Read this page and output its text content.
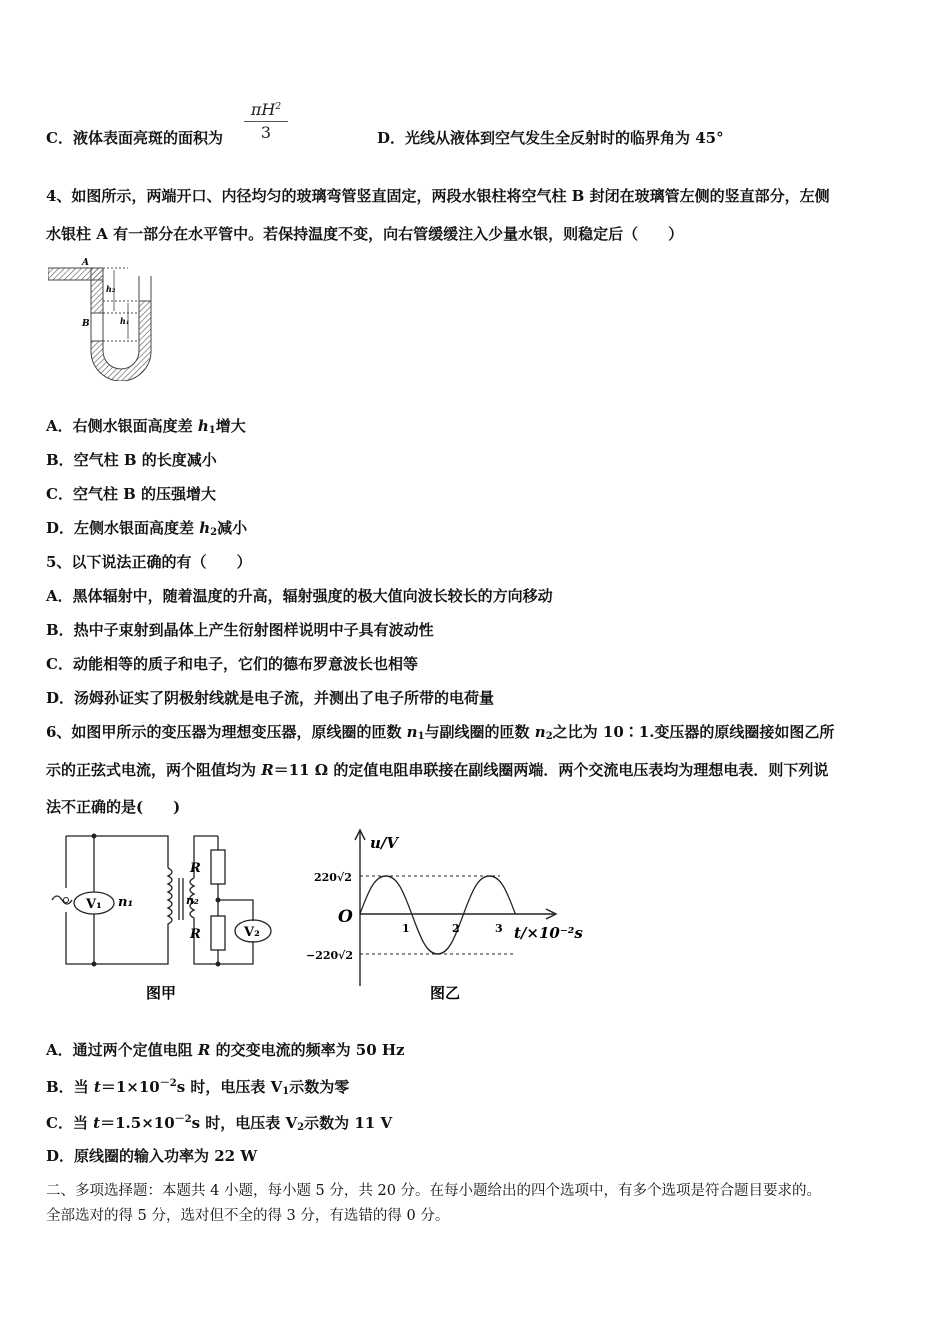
C．液体表面亮斑的面积为 $\frac{\pi H^2}{3}$	D．光线从液体到空气发生全反射时的临界角为 45°
4、如图所示，两端开口、内径均匀的玻璃弯管竖直固定，两段水银柱将空气柱 B 封闭在玻璃管左侧的竖直部分，左侧
水银柱 A 有一部分在水平管中。若保持温度不变，向右管缓缓注入少量水银，则稳定后（　　）
A
B
h₂
h₁
A．右侧水银面高度差 $h_1$增大
B．空气柱 B 的长度减小
C．空气柱 B 的压强增大
D．左侧水银面高度差 $h_2$减小
5、以下说法正确的有（　　）
A．黑体辐射中，随着温度的升高，辐射强度的极大值向波长较长的方向移动
B．热中子束射到晶体上产生衍射图样说明中子具有波动性
C．动能相等的质子和电子，它们的德布罗意波长也相等
D．汤姆孙证实了阴极射线就是电子流，并测出了电子所带的电荷量
6、如图甲所示的变压器为理想变压器，原线圈的匝数 $n_1$与副线圈的匝数 $n_2$之比为 10∶1.变压器的原线圈接如图乙所
示的正弦式电流，两个阻值均为 R＝11 Ω 的定值电阻串联接在副线圈两端．两个交流电压表均为理想电表．则下列说
法不正确的是(　　)
V₁ n₁	n₂
R
R	V₂
图甲
u/V
O
220√2
−220√2
1	2	3 t/×10⁻²s
图乙
A．通过两个定值电阻 R 的交变电流的频率为 50 Hz
B．当 $t=1\times 10^{-2}s$ 时，电压表 $V_1$示数为零
C．当 $t=1.5\times 10^{-2}s$ 时，电压表 $V_2$示数为 11 V
D．原线圈的输入功率为 22 W
二、多项选择题：本题共 4 小题，每小题 5 分，共 20 分。在每小题给出的四个选项中，有多个选项是符合题目要求的。
全部选对的得 5 分，选对但不全的得 3 分，有选错的得 0 分。
